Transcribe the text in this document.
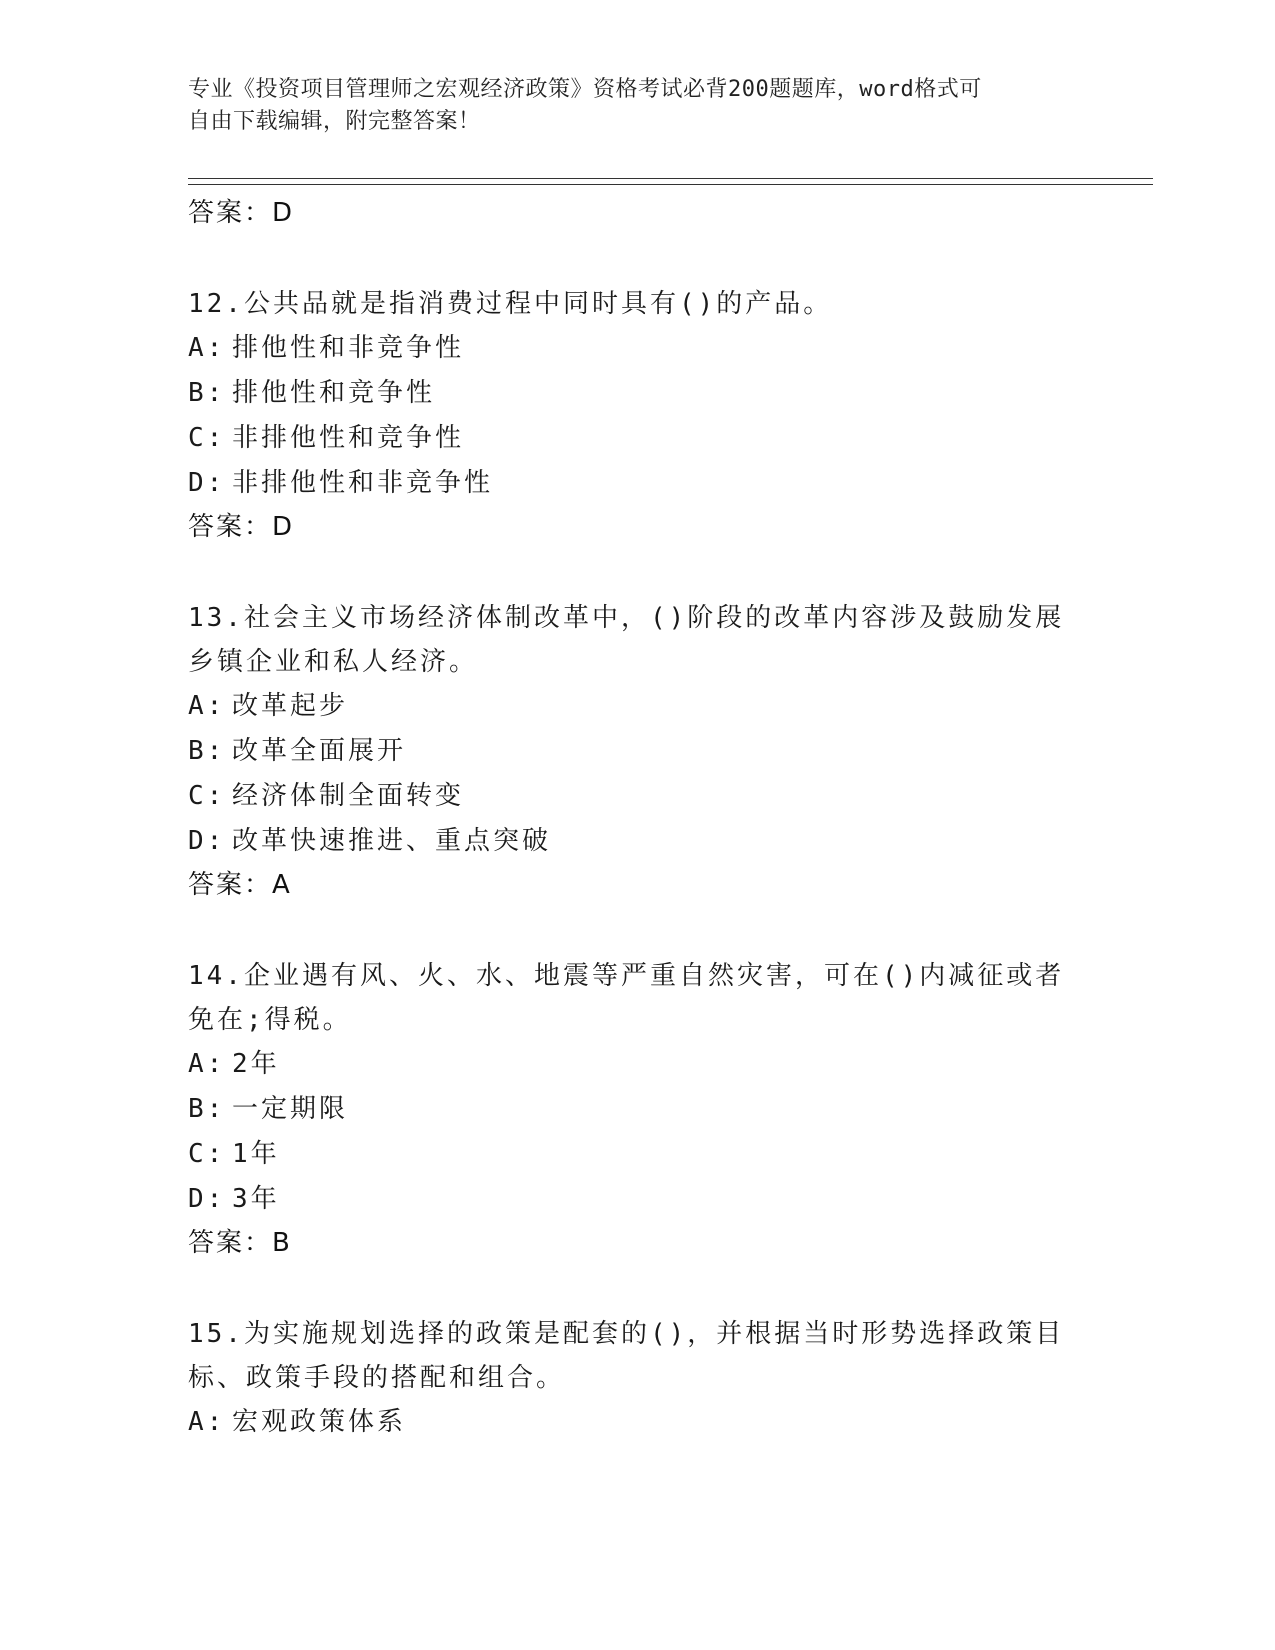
专业《投资项目管理师之宏观经济政策》资格考试必背200题题库，word格式可
自由下载编辑，附完整答案！
答案：D
12.公共品就是指消费过程中同时具有()的产品。
A: 排他性和非竞争性
B: 排他性和竞争性
C: 非排他性和竞争性
D: 非排他性和非竞争性
答案：D
13.社会主义市场经济体制改革中，()阶段的改革内容涉及鼓励发展乡镇企业和私人经济。
A: 改革起步
B: 改革全面展开
C: 经济体制全面转变
D: 改革快速推进、重点突破
答案：A
14.企业遇有风、火、水、地震等严重自然灾害，可在()内减征或者免在;得税。
A: 2年
B: 一定期限
C: 1年
D: 3年
答案：B
15.为实施规划选择的政策是配套的()，并根据当时形势选择政策目标、政策手段的搭配和组合。
A: 宏观政策体系
